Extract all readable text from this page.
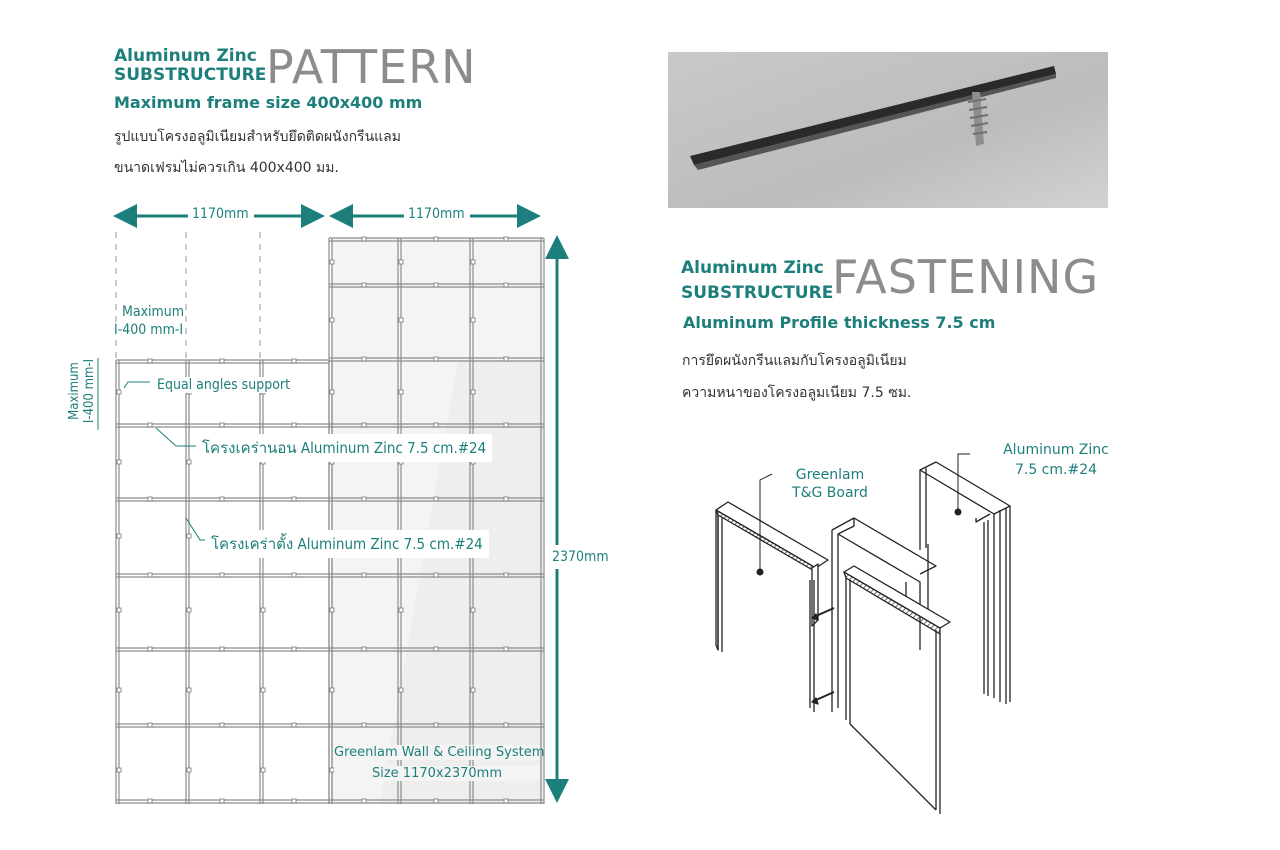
Aluminum Zinc
SUBSTRUCTURE PATTERN
Maximum frame size 400x400 mm
รูปแบบโครงอลูมิเนียมสำหรับยึดติดผนังกรีนแลม
ขนาดเฟรมไม่ควรเกิน 400x400 มม.
Aluminum Zinc
SUBSTRUCTURE
FASTENING
Aluminum Profile thickness 7.5 cm
การยึดผนังกรีนแลมกับโครงอลูมิเนียม
ความหนาของโครงอลูมเนียม 7.5 ซม.
1170mm	1170mm
2370mm
Maximum
I-400 mm-I
Maximum I-400 mm-I	Equal angles support
โครงเคร่านอน Aluminum Zinc 7.5 cm.#24
โครงเคร่าตั้ง Aluminum Zinc 7.5 cm.#24
Greenlam Wall & Ceiling System
Size 1170x2370mm
Greenlam
T&G Board
Aluminum Zinc
7.5 cm.#24
